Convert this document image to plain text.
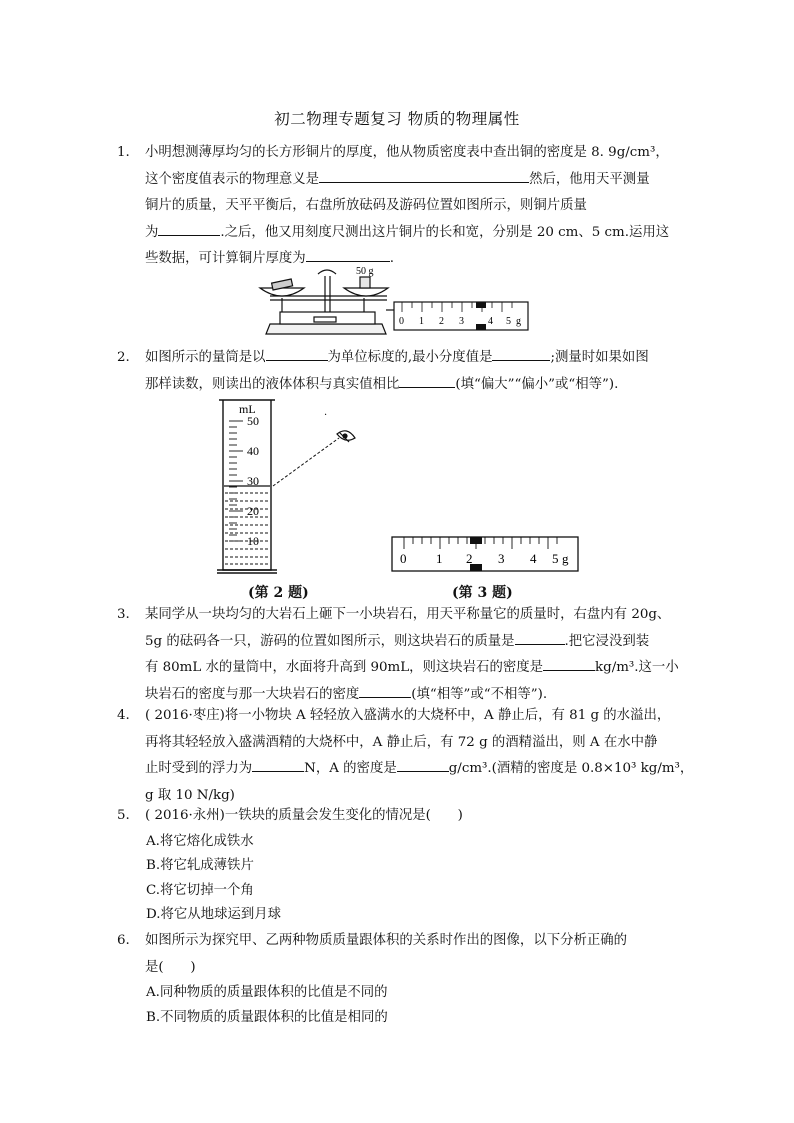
初二物理专题复习 物质的物理属性
1. 小明想测薄厚均匀的长方形铜片的厚度，他从物质密度表中查出铜的密度是 8. 9g/cm³，
这个密度值表示的物理意义是	然后，他用天平测量
铜片的质量，天平平衡后，右盘所放砝码及游码位置如图所示，则铜片质量
为	.之后，他又用刻度尺测出这片铜片的长和宽，分别是 20 cm、5 cm.运用这
些数据，可计算铜片厚度为	.
50 g
0 1 2 3 4 5 g
2. 如图所示的量筒是以	为单位标度的,最小分度值是	;测量时如果如图
那样读数，则读出的液体体积与真实值相比	(填“偏大”“偏小”或“相等”).
mL
50
40
30
20
10
·
0 1 2 3 4 5 g
(第 2 题)	(第 3 题)
3. 某同学从一块均匀的大岩石上砸下一小块岩石，用天平称量它的质量时，右盘内有 20g、
5g 的砝码各一只，游码的位置如图所示，则这块岩石的质量是	.把它浸没到装
有 80mL 水的量筒中，水面将升高到 90mL，则这块岩石的密度是	kg/m³.这一小
块岩石的密度与那一大块岩石的密度	(填“相等”或“不相等”).
4. ( 2016·枣庄)将一小物块 A 轻轻放入盛满水的大烧杯中，A 静止后，有 81 g 的水溢出，
再将其轻轻放入盛满酒精的大烧杯中，A 静止后，有 72 g 的酒精溢出，则 A 在水中静
止时受到的浮力为	N，A 的密度是	g/cm³.(酒精的密度是 0.8×10³ kg/m³，
g 取 10 N/kg)
5. ( 2016·永州)一铁块的质量会发生变化的情况是(　　)
A.将它熔化成铁水
B.将它轧成薄铁片
C.将它切掉一个角
D.将它从地球运到月球
6. 如图所示为探究甲、乙两种物质质量跟体积的关系时作出的图像，以下分析正确的
是(　　)
A.同种物质的质量跟体积的比值是不同的
B.不同物质的质量跟体积的比值是相同的
